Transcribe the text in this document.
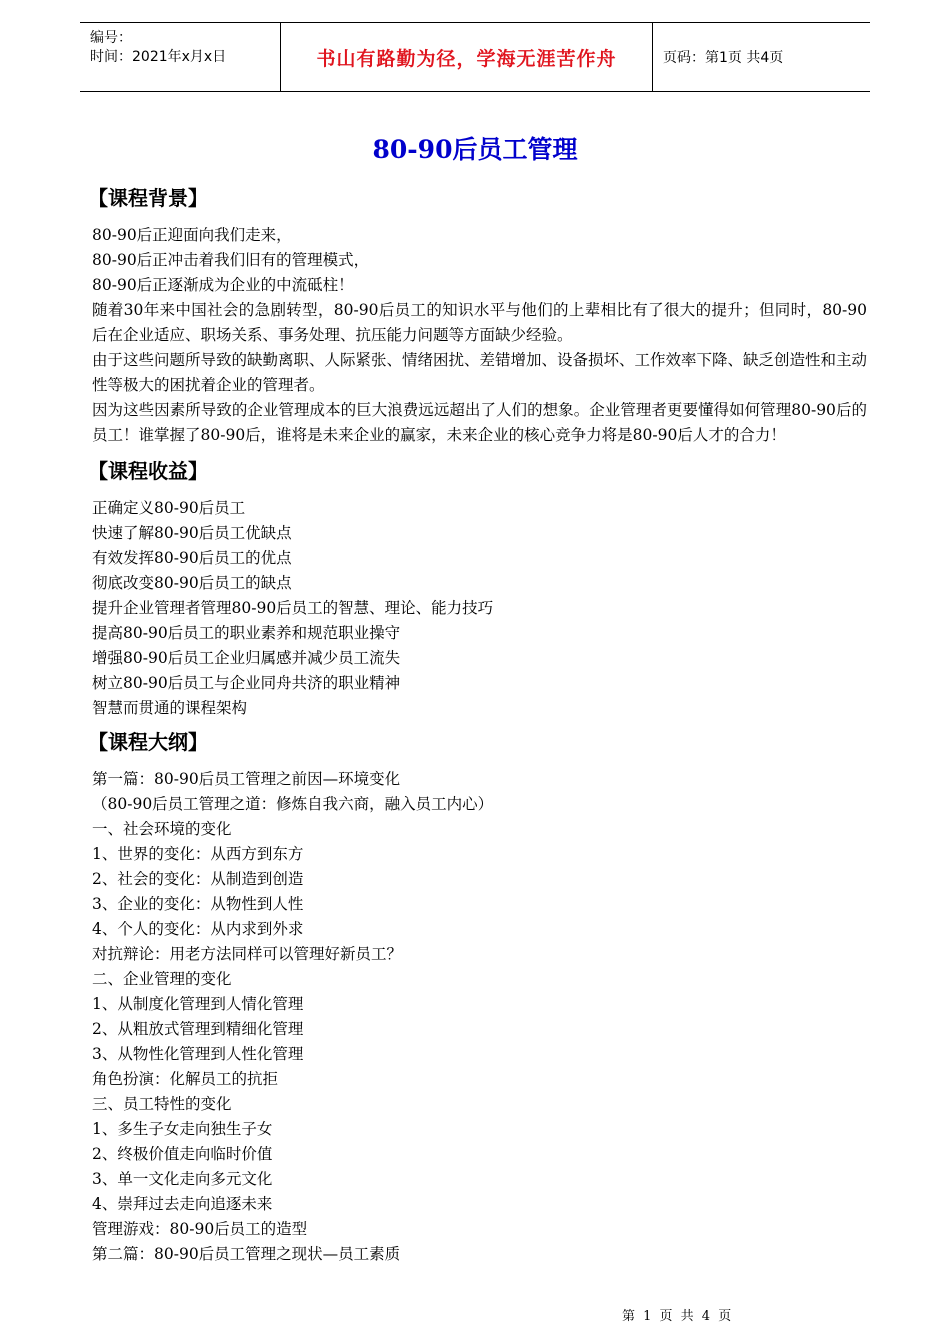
编号：
时间：2021年x月x日	书山有路勤为径，学海无涯苦作舟	页码：第1页 共4页
80-90后员工管理
【课程背景】
80-90后正迎面向我们走来，
80-90后正冲击着我们旧有的管理模式，
80-90后正逐渐成为企业的中流砥柱！

随着30年来中国社会的急剧转型，80-90后员工的知识水平与他们的上辈相比有了很大的提升；但同时，80-90后在企业适应、职场关系、事务处理、抗压能力问题等方面缺少经验。

由于这些问题所导致的缺勤离职、人际紧张、情绪困扰、差错增加、设备损坏、工作效率下降、缺乏创造性和主动性等极大的困扰着企业的管理者。

因为这些因素所导致的企业管理成本的巨大浪费远远超出了人们的想象。企业管理者更要懂得如何管理80-90后的员工！谁掌握了80-90后，谁将是未来企业的赢家，未来企业的核心竞争力将是80-90后人才的合力！

【课程收益】
正确定义80-90后员工
快速了解80-90后员工优缺点
有效发挥80-90后员工的优点
彻底改变80-90后员工的缺点
提升企业管理者管理80-90后员工的智慧、理论、能力技巧
提高80-90后员工的职业素养和规范职业操守
增强80-90后员工企业归属感并减少员工流失
树立80-90后员工与企业同舟共济的职业精神
智慧而贯通的课程架构
【课程大纲】
第一篇：80-90后员工管理之前因—环境变化
（80-90后员工管理之道：修炼自我六商，融入员工内心）
一、社会环境的变化
1、世界的变化：从西方到东方
2、社会的变化：从制造到创造
3、企业的变化：从物性到人性
4、个人的变化：从内求到外求
对抗辩论：用老方法同样可以管理好新员工？
二、企业管理的变化
1、从制度化管理到人情化管理
2、从粗放式管理到精细化管理
3、从物性化管理到人性化管理
角色扮演：化解员工的抗拒
三、员工特性的变化
1、多生子女走向独生子女
2、终极价值走向临时价值
3、单一文化走向多元文化
4、崇拜过去走向追逐未来
管理游戏：80-90后员工的造型
第二篇：80-90后员工管理之现状—员工素质
第 1 页 共 4 页
